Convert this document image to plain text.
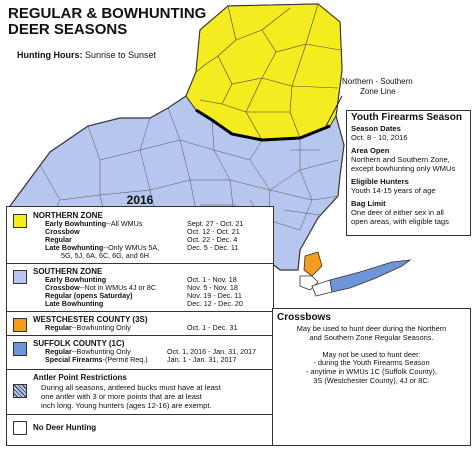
Northern - Southern
Zone Line
REGULAR & BOWHUNTING
DEER SEASONS
Hunting Hours: Sunrise to Sunset
2016
NORTHERN ZONE
Early Bowhunting--All WMUs
Crossbow
Regular
Late Bowhunting--Only WMUs 5A,
5G, 5J, 6A, 6C, 6G, and 6H
Sept. 27 - Oct. 21
Oct. 12 - Oct. 21
Oct. 22 - Dec. 4
Dec. 5 - Dec. 11
SOUTHERN ZONE
Early Bowhunting
Crossbow--Not in WMUs 4J or 8C
Regular (opens Saturday)
Late Bowhunting
Oct. 1 - Nov. 18
Nov. 5 - Nov. 18
Nov. 19 - Dec. 11
Dec. 12 - Dec. 20
WESTCHESTER COUNTY (3S)
Regular--Bowhunting Only	Oct. 1 - Dec. 31
SUFFOLK COUNTY (1C)
Regular--Bowhunting Only
Special Firearms-(Permit Req.)
Oct. 1, 2016 - Jan. 31, 2017
Jan. 1 - Jan. 31, 2017
Antler Point Restrictions
During all seasons, antlered bucks must have at least
one antler with 3 or more points that are at least
inch long. Young hunters (ages 12-16) are exempt.
No Deer Hunting
Youth Firearms Season
Season Dates
Oct. 8 - 10, 2016
Area Open
Northern and Southern Zone,
except bowhunting only WMUs
Eligible Hunters
Youth 14-15 years of age
Bag Limit
One deer of either sex in all
open areas, with eligible tags
Crossbows
May be used to hunt deer during the Northern
and Southern Zone Regular Seasons.
May not be used to hunt deer:
- during the Youth Firearms Season
- anytime in WMUs 1C (Suffolk County),
3S (Westchester County), 4J or 8C.
